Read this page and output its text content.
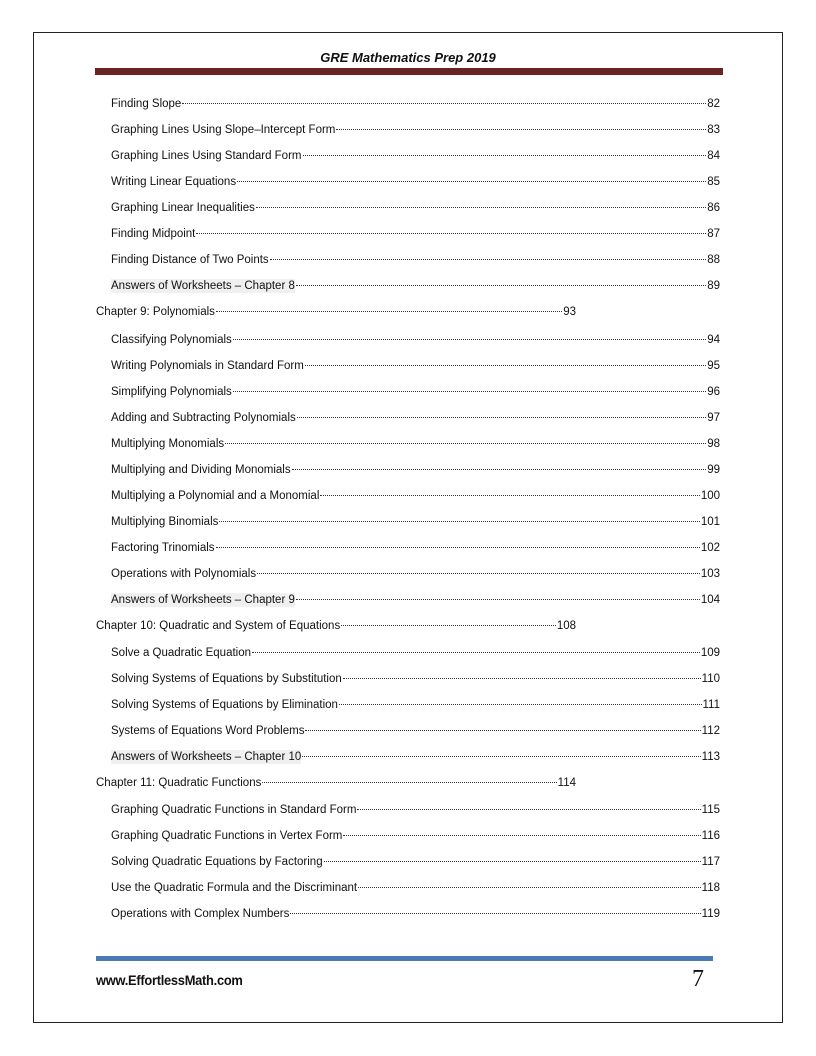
GRE Mathematics Prep 2019
Finding Slope	82
Graphing Lines Using Slope–Intercept Form	83
Graphing Lines Using Standard Form	84
Writing Linear Equations	85
Graphing Linear Inequalities	86
Finding Midpoint	87
Finding Distance of Two Points	88
Answers of Worksheets – Chapter 8	89
Chapter 9: Polynomials	93
Classifying Polynomials	94
Writing Polynomials in Standard Form	95
Simplifying Polynomials	96
Adding and Subtracting Polynomials	97
Multiplying Monomials	98
Multiplying and Dividing Monomials	99
Multiplying a Polynomial and a Monomial	100
Multiplying Binomials	101
Factoring Trinomials	102
Operations with Polynomials	103
Answers of Worksheets – Chapter 9	104
Chapter 10: Quadratic and System of Equations	108
Solve a Quadratic Equation	109
Solving Systems of Equations by Substitution	110
Solving Systems of Equations by Elimination	111
Systems of Equations Word Problems	112
Answers of Worksheets – Chapter 10	113
Chapter 11: Quadratic Functions	114
Graphing Quadratic Functions in Standard Form	115
Graphing Quadratic Functions in Vertex Form	116
Solving Quadratic Equations by Factoring	117
Use the Quadratic Formula and the Discriminant	118
Operations with Complex Numbers	119
www.EffortlessMath.com	7
